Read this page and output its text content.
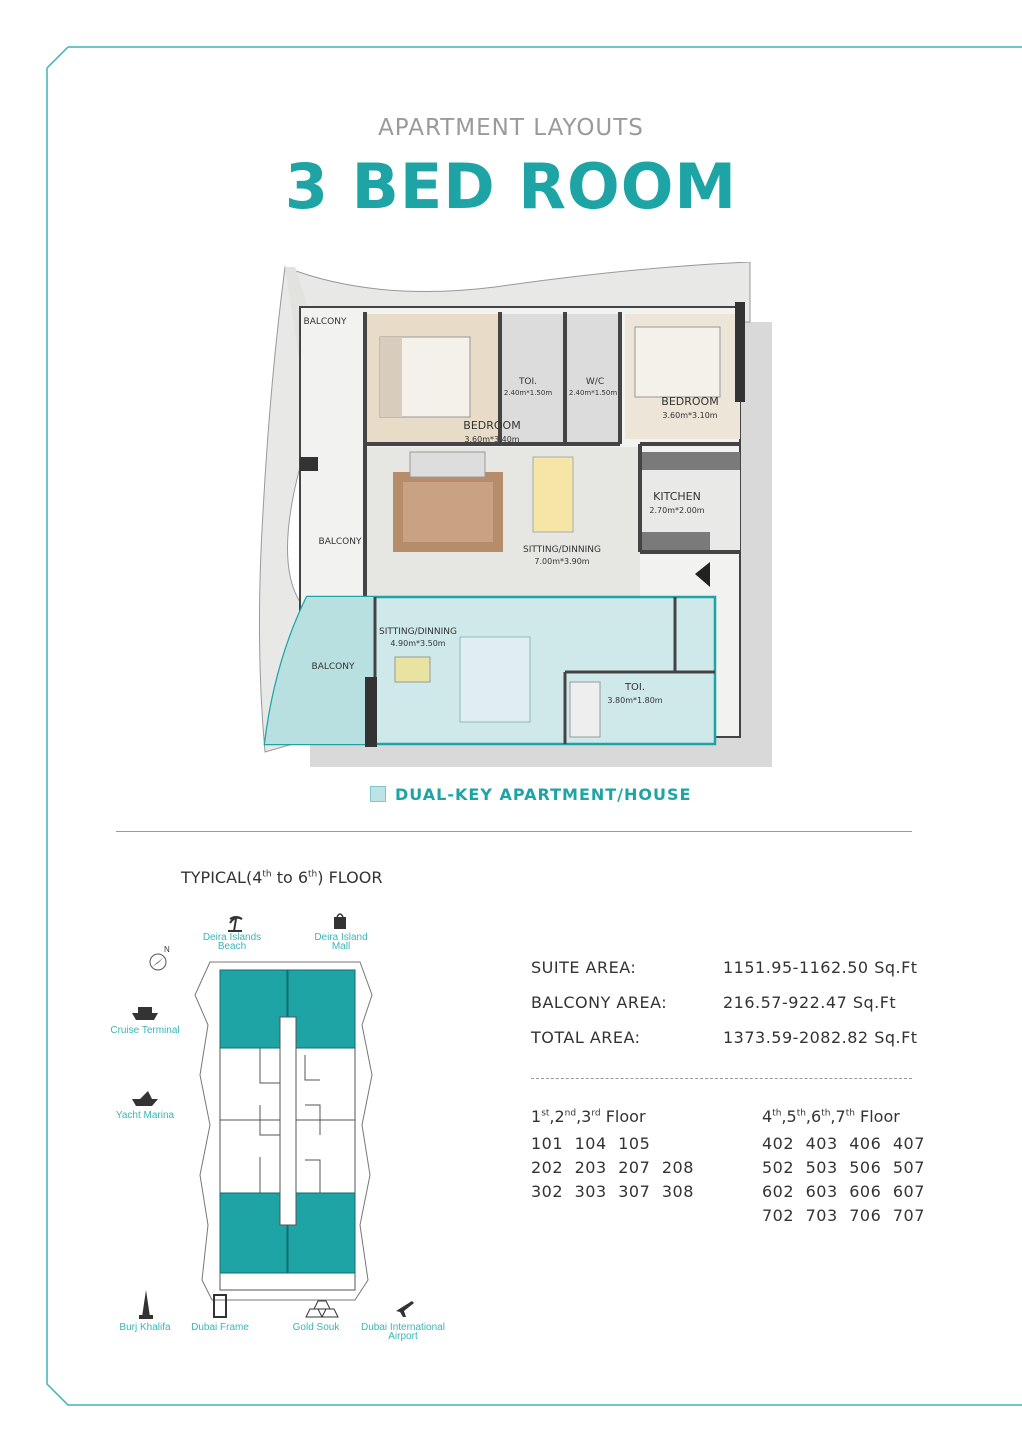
APARTMENT LAYOUTS
3 BED ROOM
BALCONY
BEDROOM
3.60m*3.40m
TOI.
2.40m*1.50m
W/C
2.40m*1.50m
BEDROOM
3.60m*3.10m
KITCHEN
2.70m*2.00m
BALCONY
SITTING/DINNING
7.00m*3.90m
SITTING/DINNING
4.90m*3.50m
BALCONY
TOI.
3.80m*1.80m
DUAL-KEY APARTMENT/HOUSE
TYPICAL(4th to 6th) FLOOR
N
Deira Islands
Beach
Deira Island
Mall
Cruise Terminal
Yacht Marina
Burj Khalifa Dubai Frame	Gold Souk Dubai International
Airport
SUITE AREA:	1151.95-1162.50 Sq.Ft
BALCONY AREA:	216.57-922.47 Sq.Ft
TOTAL AREA:	1373.59-2082.82 Sq.Ft
1st,2nd,3rd Floor
101 104 105
202 203 207 208
302 303 307 308
4th,5th,6th,7th Floor
402 403 406 407
502 503 506 507
602 603 606 607
702 703 706 707
